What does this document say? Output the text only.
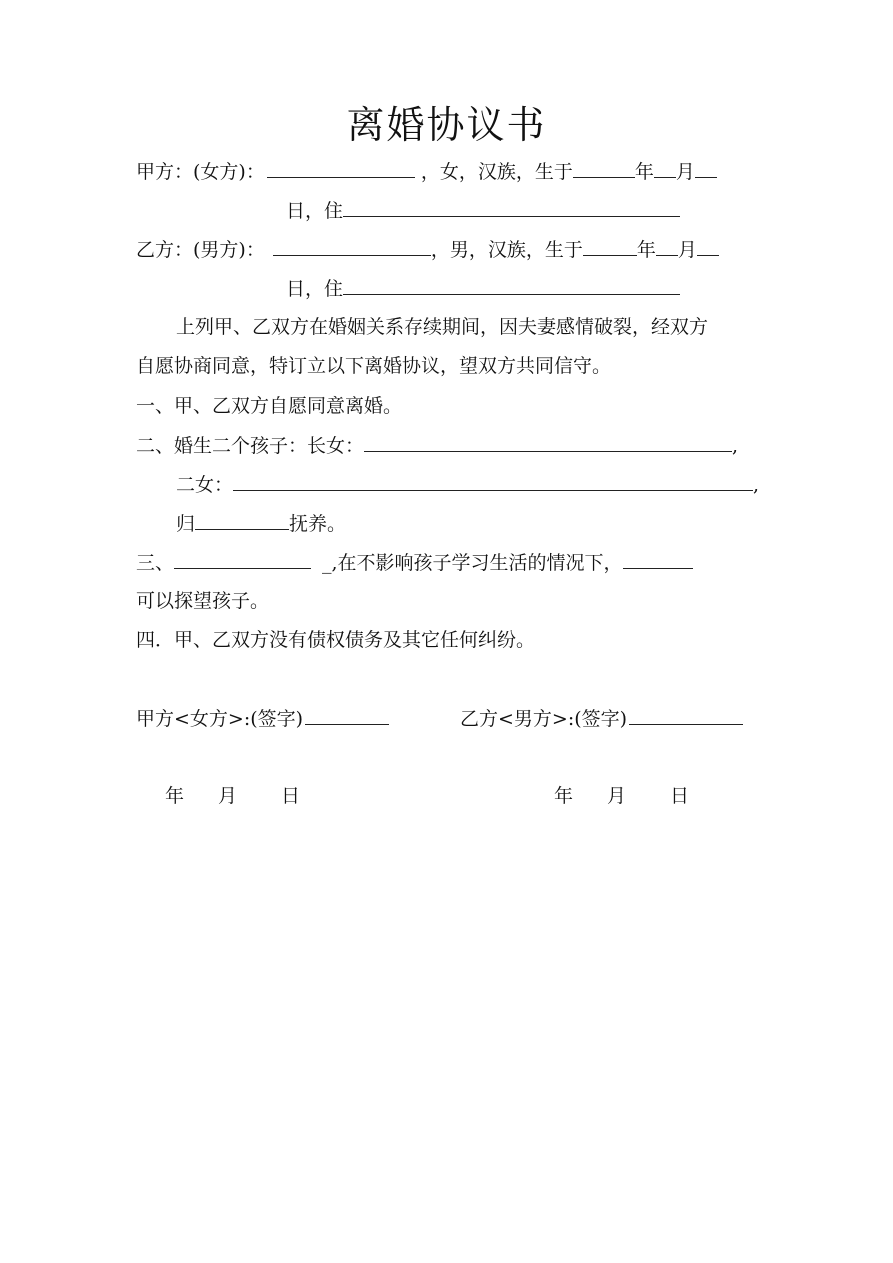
离婚协议书
甲方：(女方)：	，女，汉族，生于	年 月
日，住
乙方：(男方)：	，男，汉族，生于	年 月
日，住
上列甲、乙双方在婚姻关系存续期间，因夫妻感情破裂，经双方
自愿协商同意，特订立以下离婚协议，望双方共同信守。
一、甲、乙双方自愿同意离婚。
二、婚生二个孩子：长女：	,
二女：	,
归	抚养。
三、	_,在不影响孩子学习生活的情况下，
可以探望孩子。
四．甲、乙双方没有债权债务及其它任何纠纷。
甲方<女方>:(签字)	乙方<男方>:(签字)
年 月 日	年 月 日
